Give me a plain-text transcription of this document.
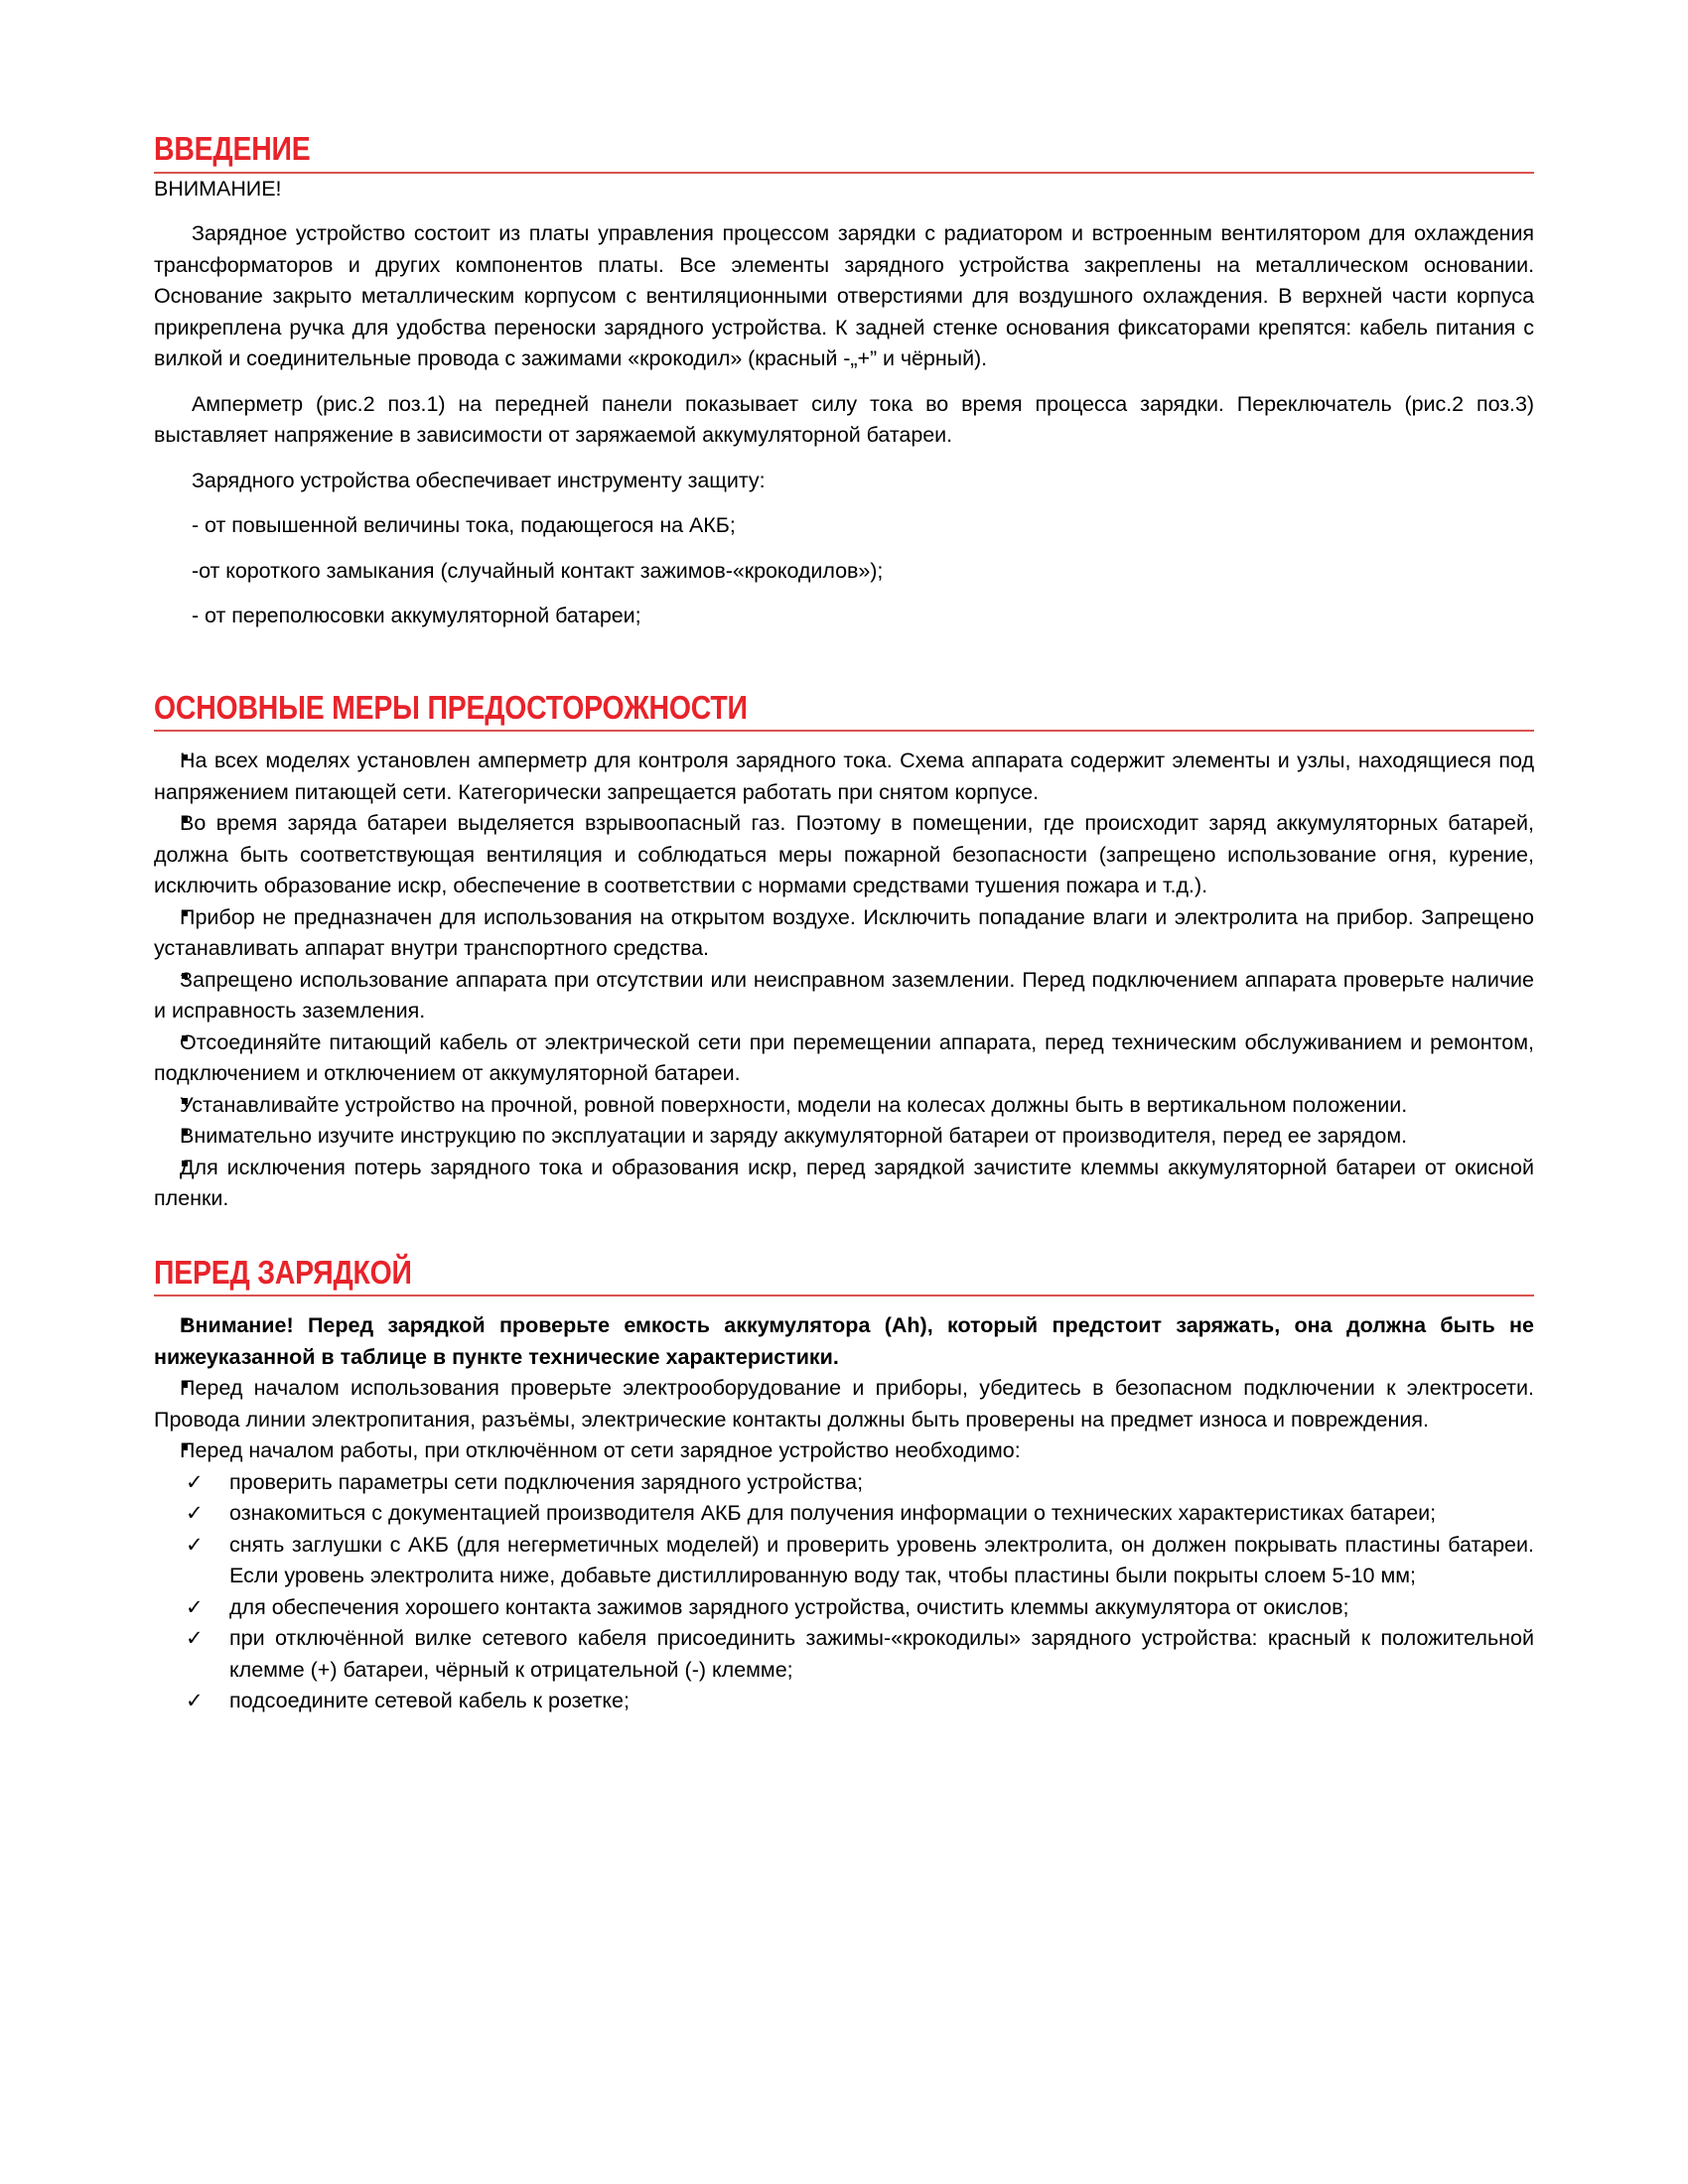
ВВЕДЕНИЕ

ВНИМАНИЕ!

Зарядное устройство состоит из платы управления процессом зарядки с радиатором и встроенным вентилятором для охлаждения трансформаторов и других компонентов платы. Все элементы зарядного устройства закреплены на металлическом основании. Основание закрыто металлическим корпусом с вентиляционными отверстиями для воздушного охлаждения. В верхней части корпуса прикреплена ручка для удобства переноски зарядного устройства. К задней стенке основания фиксаторами крепятся: кабель питания с вилкой и соединительные провода с зажимами «крокодил» (красный -„+” и чёрный).

Амперметр (рис.2 поз.1) на передней панели показывает силу тока во время процесса зарядки. Переключатель (рис.2 поз.3) выставляет напряжение в зависимости от заряжаемой аккумуляторной батареи.

Зарядного устройства обеспечивает инструменту защиту:

- от повышенной величины тока, подающегося на АКБ;

-от короткого замыкания (случайный контакт зажимов-«крокодилов»);

- от переполюсовки аккумуляторной батареи;

ОСНОВНЫЕ МЕРЫ ПРЕДОСТОРОЖНОСТИ
На всех моделях установлен амперметр для контроля зарядного тока. Схема аппарата содержит элементы и узлы, находящиеся под напряжением питающей сети. Категорически запрещается работать при снятом корпусе.
Во время заряда батареи выделяется взрывоопасный газ. Поэтому в помещении, где происходит заряд аккумуляторных батарей, должна быть соответствующая вентиляция и соблюдаться меры пожарной безопасности (запрещено использование огня, курение, исключить образование искр, обеспечение в соответствии с нормами средствами тушения пожара и т.д.).
Прибор не предназначен для использования на открытом воздухе. Исключить попадание влаги и электролита на прибор. Запрещено устанавливать аппарат внутри транспортного средства.
Запрещено использование аппарата при отсутствии или неисправном заземлении. Перед подключением аппарата проверьте наличие и исправность заземления.
Отсоединяйте питающий кабель от электрической сети при перемещении аппарата, перед техническим обслуживанием и ремонтом, подключением и отключением от аккумуляторной батареи.
Устанавливайте устройство на прочной, ровной поверхности, модели на колесах должны быть в вертикальном положении.
Внимательно изучите инструкцию по эксплуатации и заряду аккумуляторной батареи от производителя, перед ее зарядом.
Для исключения потерь зарядного тока и образования искр, перед зарядкой зачистите клеммы аккумуляторной батареи от окисной пленки.
ПЕРЕД ЗАРЯДКОЙ
Внимание! Перед зарядкой проверьте емкость аккумулятора (Ah), который предстоит заряжать, она должна быть не нижеуказанной в таблице в пункте технические характеристики.
Перед началом использования проверьте электрооборудование и приборы, убедитесь в безопасном подключении к электросети. Провода линии электропитания, разъёмы, электрические контакты должны быть проверены на предмет износа и повреждения.
Перед началом работы, при отключённом от сети зарядное устройство необходимо:
✓ проверить параметры сети подключения зарядного устройства;
✓ ознакомиться с документацией производителя АКБ для получения информации о технических характеристиках батареи;
✓ снять заглушки с АКБ (для негерметичных моделей) и проверить уровень электролита, он должен покрывать пластины батареи. Если уровень электролита ниже, добавьте дистиллированную воду так, чтобы пластины были покрыты слоем 5-10 мм;
✓ для обеспечения хорошего контакта зажимов зарядного устройства, очистить клеммы аккумулятора от окислов;
✓ при отключённой вилке сетевого кабеля присоединить зажимы-«крокодилы» зарядного устройства: красный к положительной клемме (+) батареи, чёрный к отрицательной (-) клемме;
✓ подсоедините сетевой кабель к розетке;
